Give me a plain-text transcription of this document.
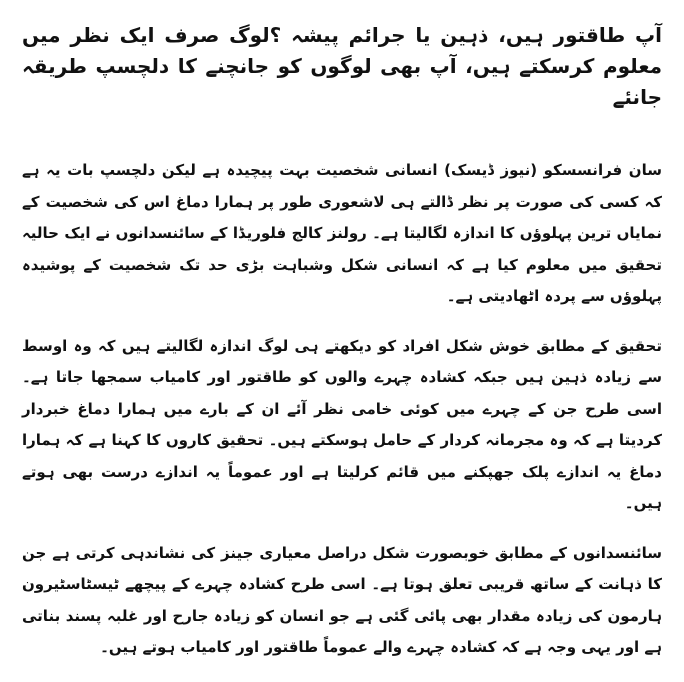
آپ طاقتور ہیں، ذہین یا جرائم پیشہ ؟لوگ صرف ایک نظر میں معلوم کرسکتے ہیں، آپ بھی لوگوں کو جانچنے کا دلچسپ طریقہ جانئے

سان فرانسسکو (نیوز ڈیسک) انسانی شخصیت بہت پیچیدہ ہے لیکن دلچسپ بات یہ ہے کہ کسی کی صورت پر نظر ڈالتے ہی لاشعوری طور پر ہمارا دماغ اس کی شخصیت کے نمایاں ترین پہلوؤں کا اندازہ لگالیتا ہے۔ رولنز کالج فلوریڈا کے سائنسدانوں نے ایک حالیہ تحقیق میں معلوم کیا ہے کہ انسانی شکل وشباہت بڑی حد تک شخصیت کے پوشیدہ پہلوؤں سے پردہ اٹھادیتی ہے۔

تحقیق کے مطابق خوش شکل افراد کو دیکھتے ہی لوگ اندازہ لگالیتے ہیں کہ وہ اوسط سے زیادہ ذہین ہیں جبکہ کشادہ چہرے والوں کو طاقتور اور کامیاب سمجھا جاتا ہے۔ اسی طرح جن کے چہرے میں کوئی خامی نظر آئے ان کے بارے میں ہمارا دماغ خبردار کردیتا ہے کہ وہ مجرمانہ کردار کے حامل ہوسکتے ہیں۔ تحقیق کاروں کا کہنا ہے کہ ہمارا دماغ یہ اندازے پلک جھپکنے میں قائم کرلیتا ہے اور عموماً یہ اندازے درست بھی ہوتے ہیں۔

سائنسدانوں کے مطابق خوبصورت شکل دراصل معیاری جینز کی نشاندہی کرتی ہے جن کا ذہانت کے ساتھ قریبی تعلق ہوتا ہے۔ اسی طرح کشادہ چہرے کے پیچھے ٹیسٹاسٹیرون ہارمون کی زیادہ مقدار بھی پائی گئی ہے جو انسان کو زیادہ جارح اور غلبہ پسند بناتی ہے اور یہی وجہ ہے کہ کشادہ چہرے والے عموماً طاقتور اور کامیاب ہوتے ہیں۔
